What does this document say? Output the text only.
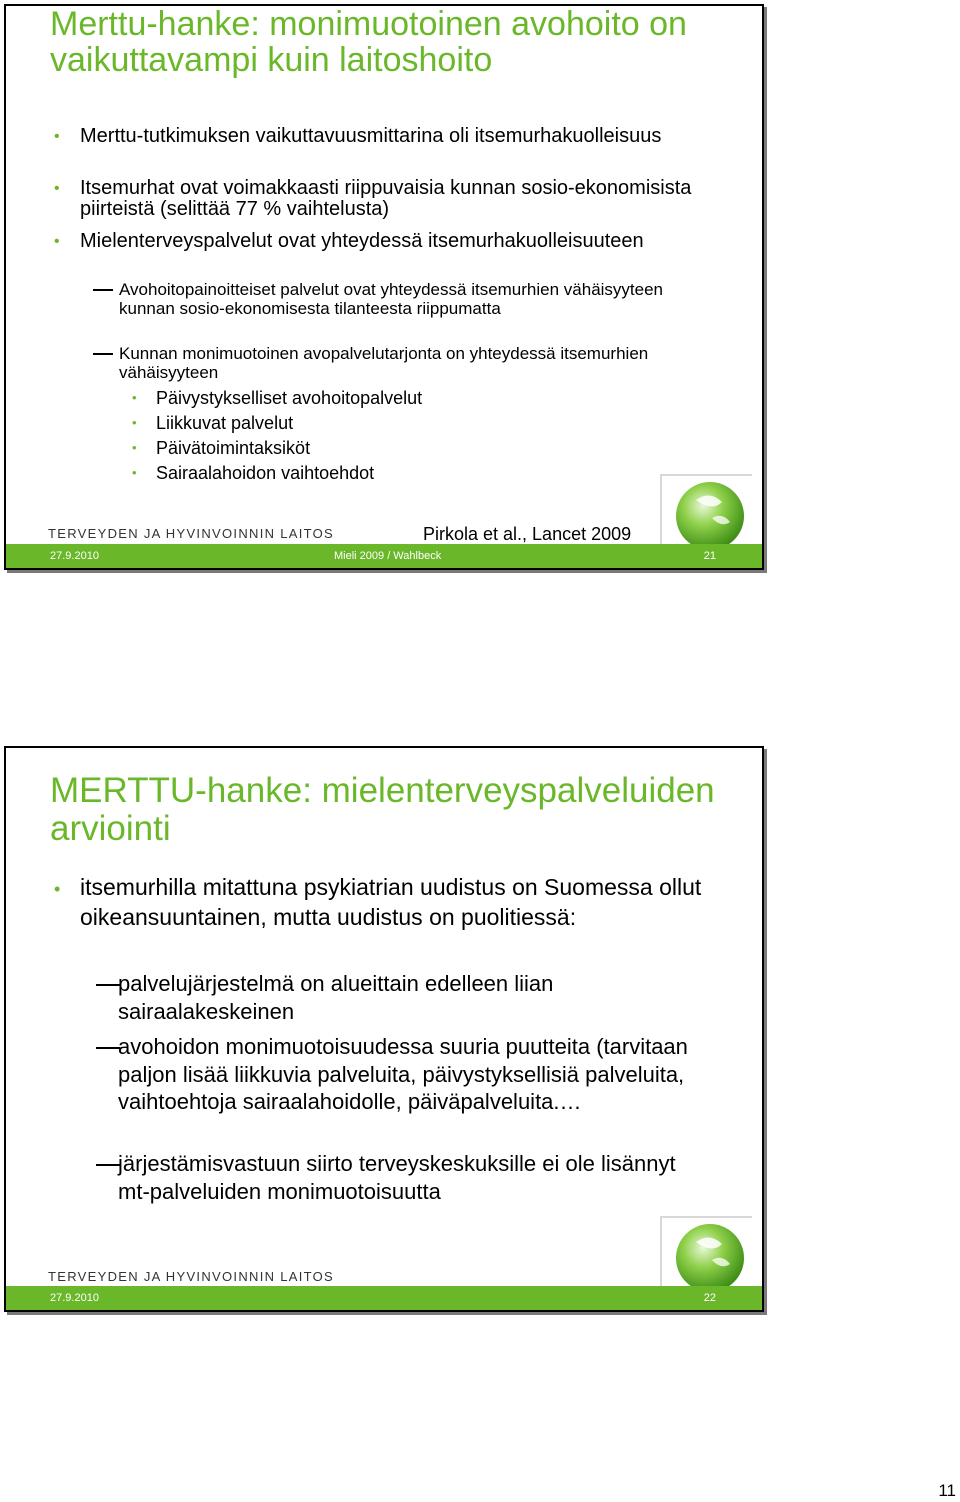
Merttu-hanke: monimuotoinen avohoito on vaikuttavampi kuin laitoshoito
• Merttu-tutkimuksen vaikuttavuusmittarina oli itsemurhakuolleisuus
• Itsemurhat ovat voimakkaasti riippuvaisia kunnan sosio-ekonomisista piirteistä (selittää 77 % vaihtelusta)
• Mielenterveyspalvelut ovat yhteydessä itsemurhakuolleisuuteen
Avohoitopainoitteiset palvelut ovat yhteydessä itsemurhien vähäisyyteen kunnan sosio-ekonomisesta tilanteesta riippumatta
Kunnan monimuotoinen avopalvelutarjonta on yhteydessä itsemurhien vähäisyyteen
• Päivystykselliset avohoitopalvelut
• Liikkuvat palvelut
• Päivätoimintaksiköt
• Sairaalahoidon vaihtoehdot
TERVEYDEN JA HYVINVOINNIN LAITOS	Pirkola et al., Lancet 2009
27.9.2010	Mieli 2009 / Wahlbeck	21
MERTTU-hanke: mielenterveyspalveluiden arviointi
• itsemurhilla mitattuna psykiatrian uudistus on Suomessa ollut oikeansuuntainen, mutta uudistus on puolitiessä:
palvelujärjestelmä on alueittain edelleen liian sairaalakeskeinen
avohoidon monimuotoisuudessa suuria puutteita (tarvitaan paljon lisää liikkuvia palveluita, päivystyksellisiä palveluita, vaihtoehtoja sairaalahoidolle, päiväpalveluita.…
järjestämisvastuun siirto terveyskeskuksille ei ole lisännyt mt-palveluiden monimuotoisuutta
TERVEYDEN JA HYVINVOINNIN LAITOS
27.9.2010	22
11
